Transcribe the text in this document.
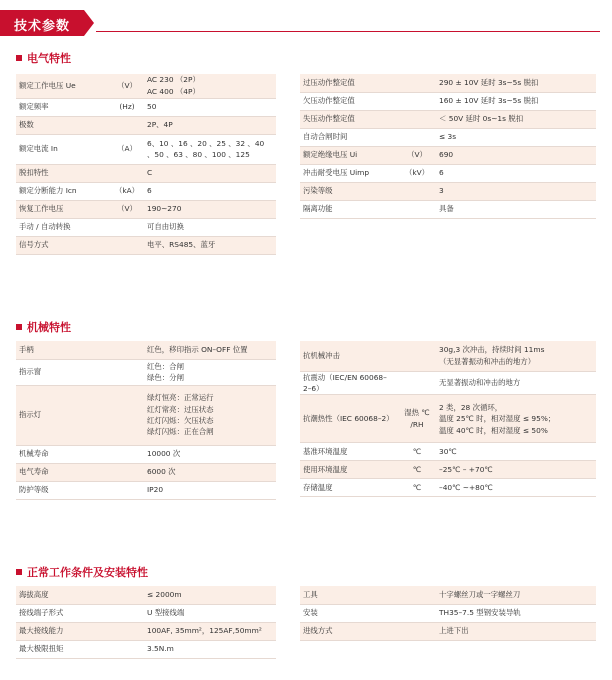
技术参数
电气特性
额定工作电压 Ue	（V）	AC 230 （2P）
AC 400 （4P）

额定频率	(Hz)	50

极数		2P、4P

额定电流 In	（A）	6、10 、16 、20 、25 、32 、40
、50 、63 、80 、100 、125

脱扣特性		C

额定分断能力 Icn	（kA）	6

恢复工作电压	（V）	190~270

手动 / 自动转换		可自由切换

信号方式		电平、RS485、蓝牙
过压动作整定值		290 ± 10V 延时 3s~5s 脱扣

欠压动作整定值		160 ± 10V 延时 3s~5s 脱扣

失压动作整定值		＜ 50V 延时 0s~1s 脱扣

自动合闸时间		≤ 3s

额定绝缘电压 Ui	（V）	690

冲击耐受电压 Uimp	（kV）	6

污染等级		3

隔离功能		具备
机械特性
手柄		红色，移印指示 ON–OFF 位置

指示窗		红色：合闸
绿色：分闸

指示灯		绿灯恒亮：正常运行
红灯常亮：过压状态
红灯闪烁：欠压状态
绿灯闪烁：正在合闸

机械寿命		10000 次

电气寿命		6000 次

防护等级		IP20
抗机械冲击		30g,3 次冲击，持续时间 11ms
（无显著振动和冲击的地方）

抗震动（IEC/EN 60068–2–6）		无显著振动和冲击的地方

抗潮热性（IEC 60068–2）	湿热 ℃ /RH	2 类，28 次循环，
温度 25℃ 时，相对湿度 ≤ 95%；
温度 40℃ 时，相对湿度 ≤ 50%

基准环境温度	℃	30℃

使用环境温度	℃	–25℃ – +70℃

存储温度	℃	–40℃ ~+80℃
正常工作条件及安装特性
海拔高度		≤ 2000m

接线端子形式		U 型接线端

最大接线能力		100AF, 35mm²，125AF,50mm²

最大极限扭矩		3.5N.m
工具		十字螺丝刀或一字螺丝刀

安装		TH35–7.5 型钢安装导轨

进线方式		上进下出
